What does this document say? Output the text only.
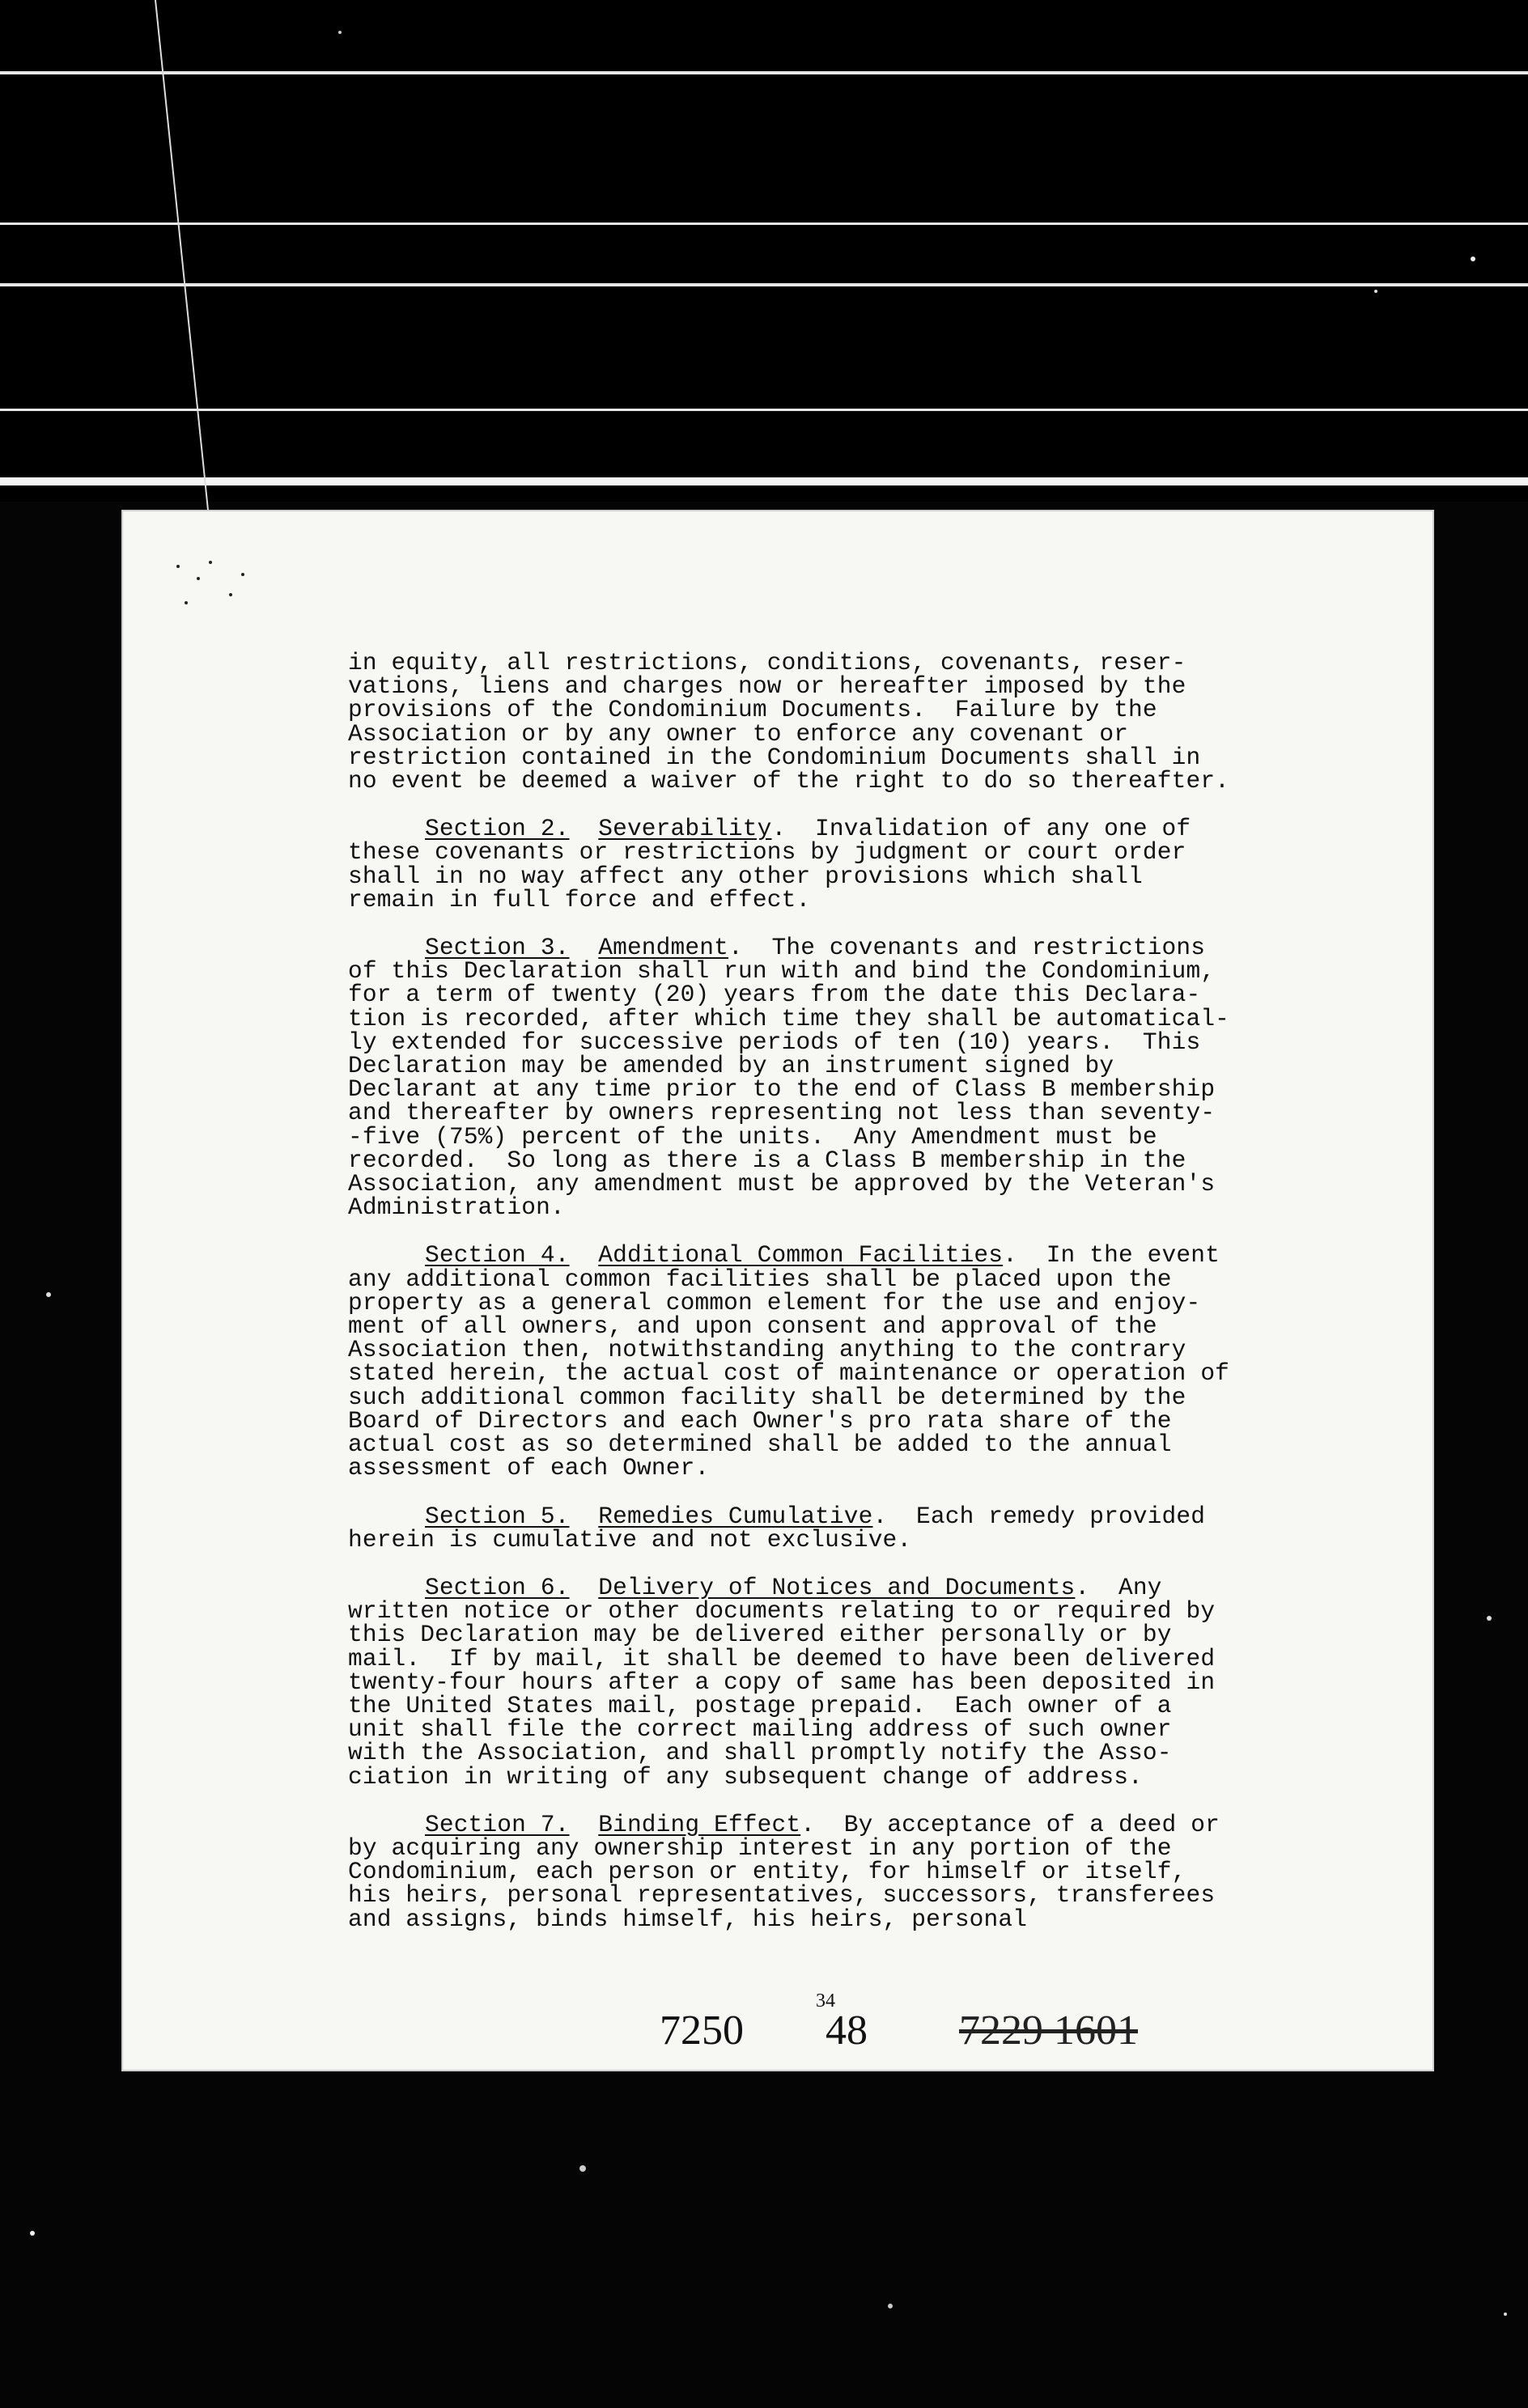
in equity, all restrictions, conditions, covenants, reser-
vations, liens and charges now or hereafter imposed by the
provisions of the Condominium Documents.  Failure by the
Association or by any owner to enforce any covenant or
restriction contained in the Condominium Documents shall in
no event be deemed a waiver of the right to do so thereafter.
Section 2. Severability.  Invalidation of any one of
these covenants or restrictions by judgment or court order
shall in no way affect any other provisions which shall
remain in full force and effect.
Section 3. Amendment.  The covenants and restrictions
of this Declaration shall run with and bind the Condominium,
for a term of twenty (20) years from the date this Declara-
tion is recorded, after which time they shall be automatical-
ly extended for successive periods of ten (10) years.  This
Declaration may be amended by an instrument signed by
Declarant at any time prior to the end of Class B membership
and thereafter by owners representing not less than seventy-
-five (75%) percent of the units.  Any Amendment must be
recorded.  So long as there is a Class B membership in the
Association, any amendment must be approved by the Veteran's
Administration.
Section 4. Additional Common Facilities.  In the event
any additional common facilities shall be placed upon the
property as a general common element for the use and enjoy-
ment of all owners, and upon consent and approval of the
Association then, notwithstanding anything to the contrary
stated herein, the actual cost of maintenance or operation of
such additional common facility shall be determined by the
Board of Directors and each Owner's pro rata share of the
actual cost as so determined shall be added to the annual
assessment of each Owner.
Section 5. Remedies Cumulative.  Each remedy provided
herein is cumulative and not exclusive.
Section 6. Delivery of Notices and Documents.  Any
written notice or other documents relating to or required by
this Declaration may be delivered either personally or by
mail.  If by mail, it shall be deemed to have been delivered
twenty-four hours after a copy of same has been deposited in
the United States mail, postage prepaid.  Each owner of a
unit shall file the correct mailing address of such owner
with the Association, and shall promptly notify the Asso-
ciation in writing of any subsequent change of address.
Section 7. Binding Effect.  By acceptance of a deed or
by acquiring any ownership interest in any portion of the
Condominium, each person or entity, for himself or itself,
his heirs, personal representatives, successors, transferees
and assigns, binds himself, his heirs, personal
7250
34
48 7229 1601
